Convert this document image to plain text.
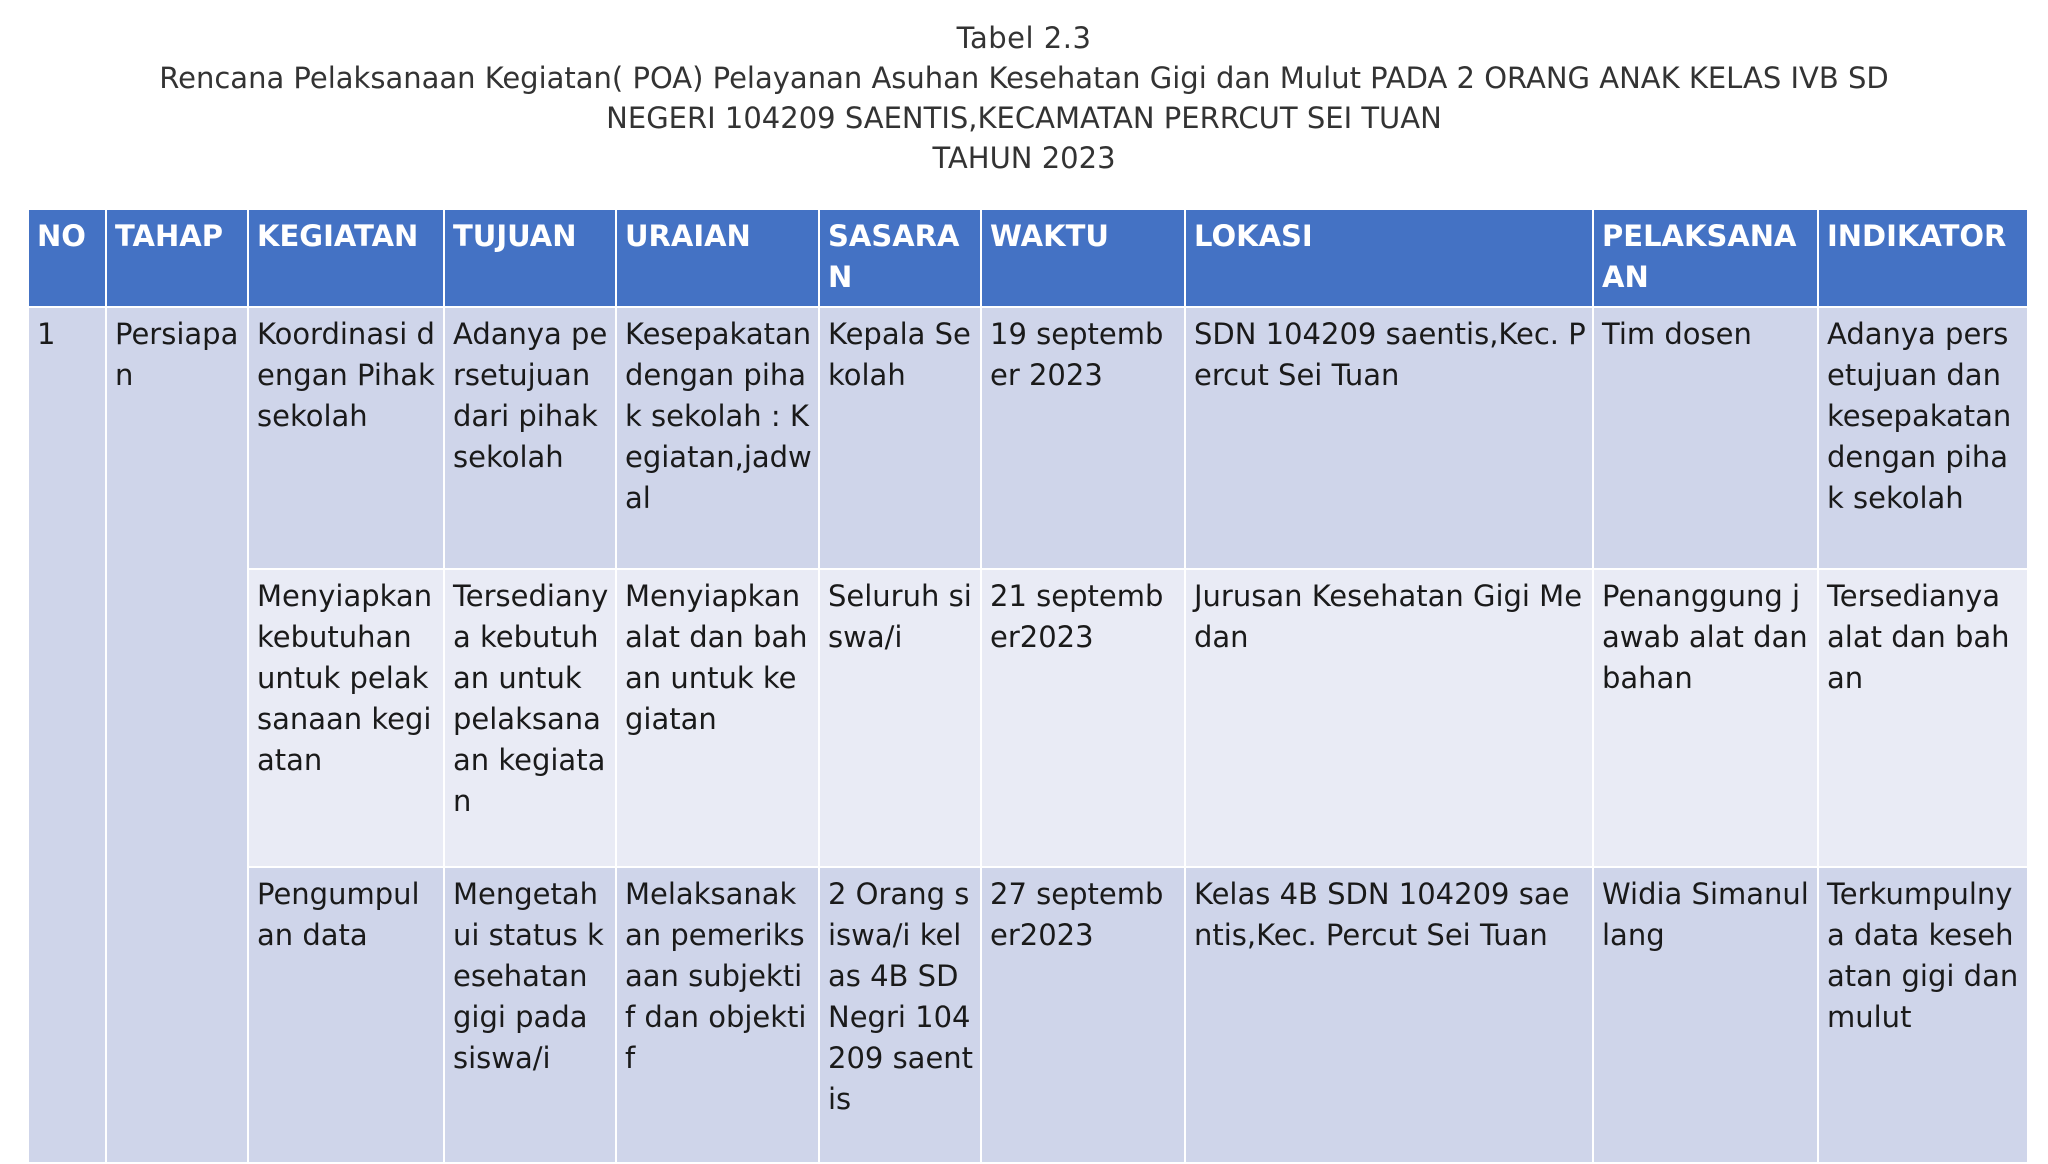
Tabel 2.3
Rencana Pelaksanaan Kegiatan( POA) Pelayanan Asuhan Kesehatan Gigi dan Mulut PADA 2 ORANG ANAK KELAS IVB SD
NEGERI 104209 SAENTIS,KECAMATAN PERRCUT SEI TUAN
TAHUN 2023
NO	TAHAP	KEGIATAN	TUJUAN	URAIAN	SASARAN	WAKTU	LOKASI	PELAKSANAAN	INDIKATOR
1	Persiapan	Koordinasi dengan Pihak sekolah	Adanya persetujuan dari pihak sekolah	Kesepakatan dengan pihak sekolah : Kegiatan,jadwal	Kepala Sekolah	19 september 2023	SDN 104209 saentis,Kec. Percut Sei Tuan	Tim dosen	Adanya persetujuan dan kesepakatan dengan pihak sekolah
		Menyiapkan kebutuhan untuk pelaksanaan kegiatan	Tersedianya kebutuhan untuk pelaksanaan kegiatan	Menyiapkan alat dan bahan untuk kegiatan	Seluruh siswa/i	21 september2023	Jurusan Kesehatan Gigi Medan	Penanggung jawab alat dan bahan	Tersedianya alat dan bahan
		Pengumpulan data	Mengetahui status kesehatan gigi pada siswa/i	Melaksanakan pemeriksaan subjektif dan objektif	2 Orang siswa/i kelas 4B SD Negri 104209 saentis	27 september2023	Kelas 4B SDN 104209 saentis,Kec. Percut Sei Tuan	Widia Simanullang	Terkumpulnya data kesehatan gigi dan mulut
